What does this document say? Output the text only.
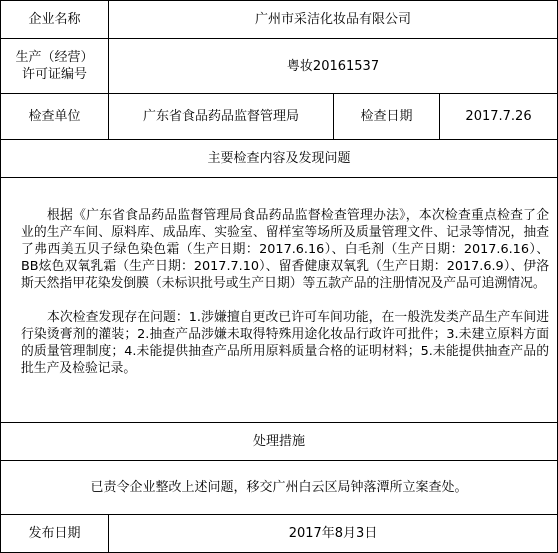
企业名称	广州市采洁化妆品有限公司		

生产（经营）
许可证编号	粤妆20161537		
检查单位	广东省食品药品监督管理局	检查日期	2017.7.26
主要检查内容及发现问题			

根据《广东省食品药品监督管理局食品药品监督检查管理办法》，本次检查重点检查了企业的生产车间、原料库、成品库、实验室、留样室等场所及质量管理文件、记录等情况，抽查了弗西美五贝子绿色染色霜（生产日期：2017.6.16）、白毛剂（生产日期：2017.6.16）、BB炫色双氧乳霜（生产日期：2017.7.10）、留香健康双氧乳（生产日期：2017.6.9）、伊洛斯天然指甲花染发倒膜（未标识批号或生产日期）等五款产品的注册情况及产品可追溯情况。

本次检查发现存在问题：1.涉嫌擅自更改已许可车间功能，在一般洗发类产品生产车间进行染烫膏剂的灌装；2.抽查产品涉嫌未取得特殊用途化妆品行政许可批件；3.未建立原料方面的质量管理制度；4.未能提供抽查产品所用原料质量合格的证明材料；5.未能提供抽查产品的批生产及检验记录。			

处理措施			
已责令企业整改上述问题，移交广州白云区局钟落潭所立案查处。			
发布日期	2017年8月3日		
